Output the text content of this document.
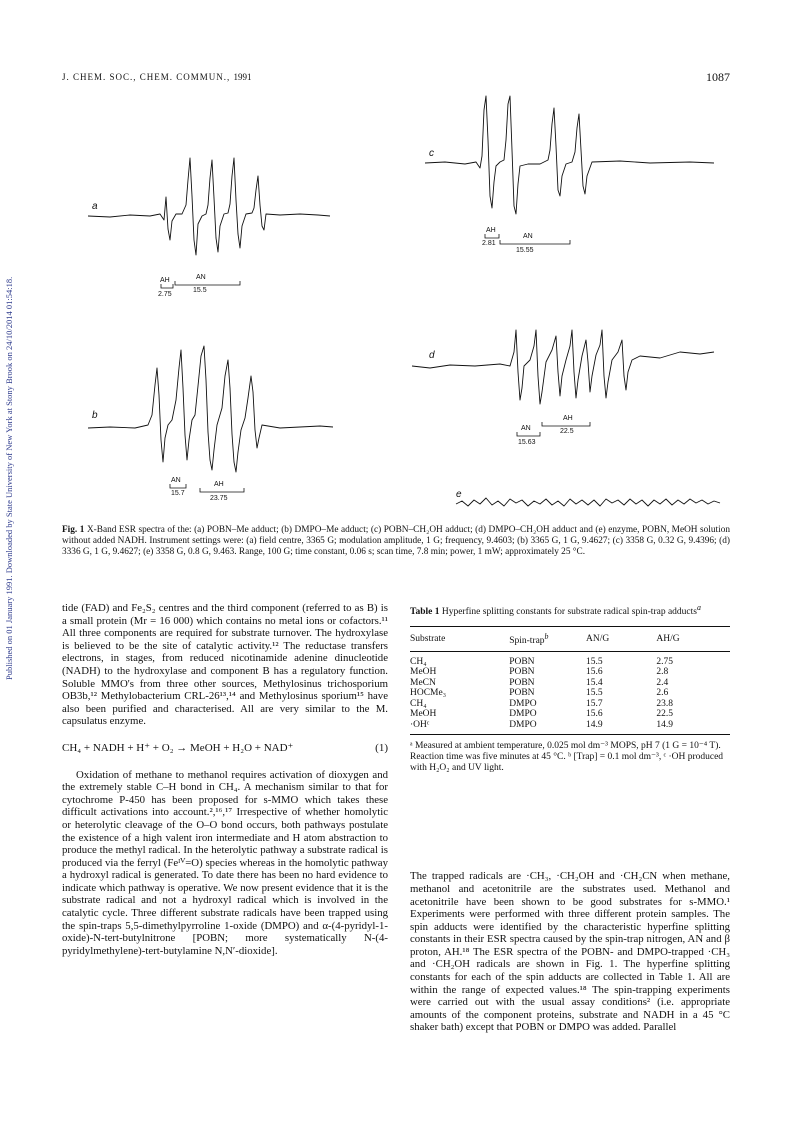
Published on 01 January 1991. Downloaded by State University of New York at Stony Brook on 24/10/2014 01:54:18.
J. CHEM. SOC., CHEM. COMMUN., 1991	1087
a
b
c
d
e
AH
2.75
AN
15.5
AN
15.7
AH
23.75
AH
2.81
AN
15.55
AN
15.63
AH
22.5
Fig. 1 X-Band ESR spectra of the: (a) POBN–Me adduct; (b) DMPO–Me adduct; (c) POBN–CH₂OH adduct; (d) DMPO–CH₂OH adduct and (e) enzyme, POBN, MeOH solution without added NADH. Instrument settings were: (a) field centre, 3365 G; modulation amplitude, 1 G; frequency, 9.4603; (b) 3365 G, 1 G, 9.4627; (c) 3358 G, 0.32 G, 9.4396; (d) 3336 G, 1 G, 9.4627; (e) 3358 G, 0.8 G, 9.463. Range, 100 G; time constant, 0.06 s; scan time, 7.8 min; power, 1 mW; approximately 25 °C.

tide (FAD) and Fe₂S₂ centres and the third component (referred to as B) is a small protein (Mr = 16 000) which contains no metal ions or cofactors.¹¹ All three components are required for substrate turnover. The hydroxylase is believed to be the site of catalytic activity.¹² The reductase transfers electrons, in stages, from reduced nicotinamide adenine dinucleotide (NADH) to the hydroxylase and component B has a regulatory function. Soluble MMO's from three other sources, Methylosinus trichosporium OB3b,¹² Methylobacterium CRL-26¹³,¹⁴ and Methylosinus sporium¹⁵ have also been purified and characterised. All are very similar to the M. capsulatus enzyme.

CH₄ + NADH + H⁺ + O₂ → MeOH + H₂O + NAD⁺	(1)

Oxidation of methane to methanol requires activation of dioxygen and the extremely stable C–H bond in CH₄. A mechanism similar to that for cytochrome P-450 has been proposed for s-MMO which takes these difficult activations into account.²,¹⁶,¹⁷ Irrespective of whether homolytic or heterolytic cleavage of the O–O bond occurs, both pathways postulate the existence of a high valent iron intermediate and H atom abstraction to produce the methyl radical. In the heterolytic pathway a substrate radical is produced via the ferryl (Feᴵⱽ=O) species whereas in the homolytic pathway a hydroxyl radical is generated. To date there has been no hard evidence to indicate which pathway is operative. We now present evidence that it is the substrate radical and not a hydroxyl radical which is involved in the catalytic cycle. Three different substrate radicals have been trapped using the spin-traps 5,5-dimethylpyrroline 1-oxide (DMPO) and α-(4-pyridyl-1-oxide)-N-tert-butylnitrone [POBN; more systematically N-(4-pyridylmethylene)-tert-butylamine N,N′-dioxide].

Table 1 Hyperfine splitting constants for substrate radical spin-trap adducts$^a$
Substrate	Spin-trap$^b$	AN/G	AH/G
CH₄	POBN	15.5	2.75
MeOH	POBN	15.6	2.8
MeCN	POBN	15.4	2.4
HOCMe₃	POBN	15.5	2.6
CH₄	DMPO	15.7	23.8
MeOH	DMPO	15.6	22.5
·OHᶜ	DMPO	14.9	14.9
ᵃ Measured at ambient temperature, 0.025 mol dm⁻³ MOPS, pH 7 (1 G = 10⁻⁴ T). Reaction time was five minutes at 45 °C. ᵇ [Trap] = 0.1 mol dm⁻³, ᶜ ·OH produced with H₂O₂ and UV light.

The trapped radicals are ·CH₃, ·CH₂OH and ·CH₂CN when methane, methanol and acetonitrile are the substrates used. Methanol and acetonitrile have been shown to be good substrates for s-MMO.¹ Experiments were performed with three different protein samples. The spin adducts were identified by the characteristic hyperfine splitting constants in their ESR spectra caused by the spin-trap nitrogen, AN and β proton, AH.¹⁸ The ESR spectra of the POBN- and DMPO-trapped ·CH₃ and ·CH₂OH radicals are shown in Fig. 1. The hyperfine splitting constants for each of the spin adducts are collected in Table 1. All are within the range of expected values.¹⁸ The spin-trapping experiments were carried out with the usual assay conditions² (i.e. appropriate amounts of the component proteins, substrate and NADH in a 45 °C shaker bath) except that POBN or DMPO was added. Parallel
